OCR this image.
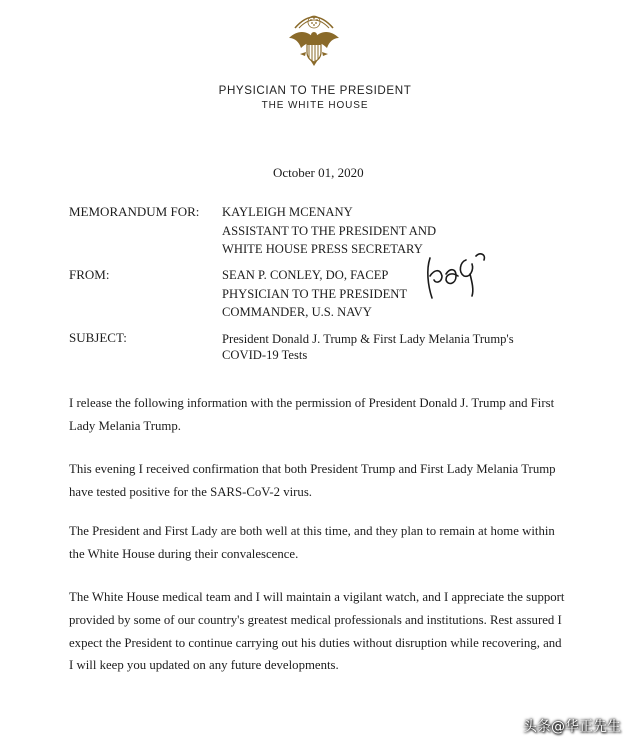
PHYSICIAN TO THE PRESIDENT
THE WHITE HOUSE
October 01, 2020
MEMORANDUM FOR: KAYLEIGH MCENANY
ASSISTANT TO THE PRESIDENT AND
WHITE HOUSE PRESS SECRETARY
FROM:	SEAN P. CONLEY, DO, FACEP
PHYSICIAN TO THE PRESIDENT
COMMANDER, U.S. NAVY
SUBJECT:	President Donald J. Trump & First Lady Melania Trump's
COVID-19 Tests
I release the following information with the permission of President Donald J. Trump and First
Lady Melania Trump.
This evening I received confirmation that both President Trump and First Lady Melania Trump
have tested positive for the SARS-CoV-2 virus.
The President and First Lady are both well at this time, and they plan to remain at home within
the White House during their convalescence.
The White House medical team and I will maintain a vigilant watch, and I appreciate the support
provided by some of our country's greatest medical professionals and institutions. Rest assured I
expect the President to continue carrying out his duties without disruption while recovering, and
I will keep you updated on any future developments.
头条@华正先生
